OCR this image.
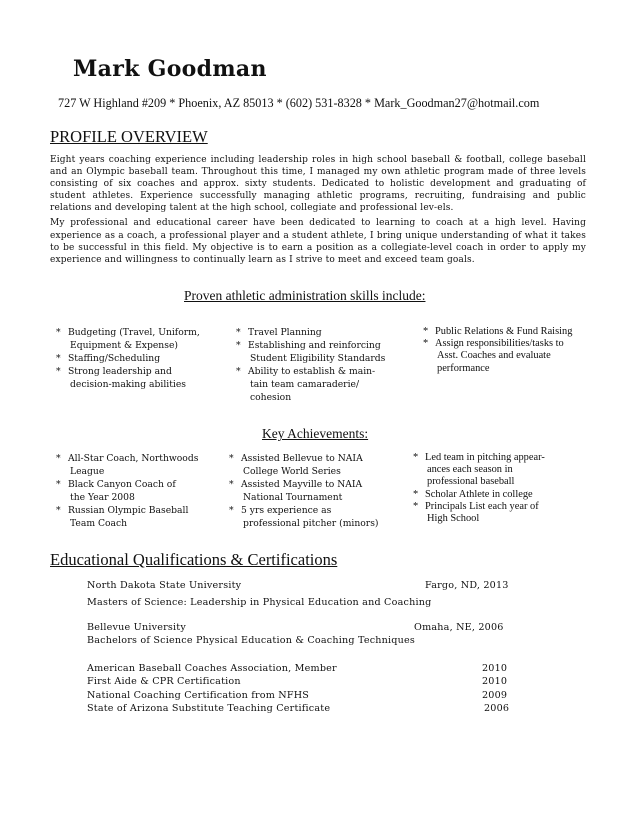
Mark Goodman
727 W Highland #209 * Phoenix, AZ 85013 * (602) 531-8328 * Mark_Goodman27@hotmail.com
PROFILE OVERVIEW

Eight years coaching experience including leadership roles in high school baseball & football, college baseball and an Olympic baseball team. Throughout this time, I managed my own athletic program made of three levels consisting of six coaches and approx. sixty students. Dedicated to holistic development and graduating of student athletes. Experience successfully managing athletic programs, recruiting, fundraising and public relations and developing talent at the high school, collegiate and professional lev-els.

My professional and educational career have been dedicated to learning to coach at a high level. Having experience as a coach, a professional player and a student athlete, I bring unique understanding of what it takes to be successful in this field. My objective is to earn a position as a collegiate-level coach in order to apply my experience and willingness to continually learn as I strive to meet and exceed team goals.

Proven athletic administration skills include:
* Budgeting (Travel, Uniform,
Equipment & Expense)
* Staffing/Scheduling
* Strong leadership and
decision-making abilities
* Travel Planning
* Establishing and reinforcing
Student Eligibility Standards
* Ability to establish & main-
tain team camaraderie/
cohesion
* Public Relations & Fund Raising
* Assign responsibilities/tasks to
Asst. Coaches and evaluate
performance
Key Achievements:
* All-Star Coach, Northwoods
League
* Black Canyon Coach of
the Year 2008
* Russian Olympic Baseball
Team Coach
* Assisted Bellevue to NAIA
College World Series
* Assisted Mayville to NAIA
National Tournament
* 5 yrs experience as
professional pitcher (minors)
* Led team in pitching appear-
ances each season in
professional baseball
* Scholar Athlete in college
* Principals List each year of
High School
Educational Qualifications & Certifications
North Dakota State University	Fargo, ND, 2013
Masters of Science: Leadership in Physical Education and Coaching
Bellevue University	Omaha, NE, 2006
Bachelors of Science Physical Education & Coaching Techniques
American Baseball Coaches Association, Member	2010
First Aide & CPR Certification	2010
National Coaching Certification from NFHS	2009
State of Arizona Substitute Teaching Certificate	2006
